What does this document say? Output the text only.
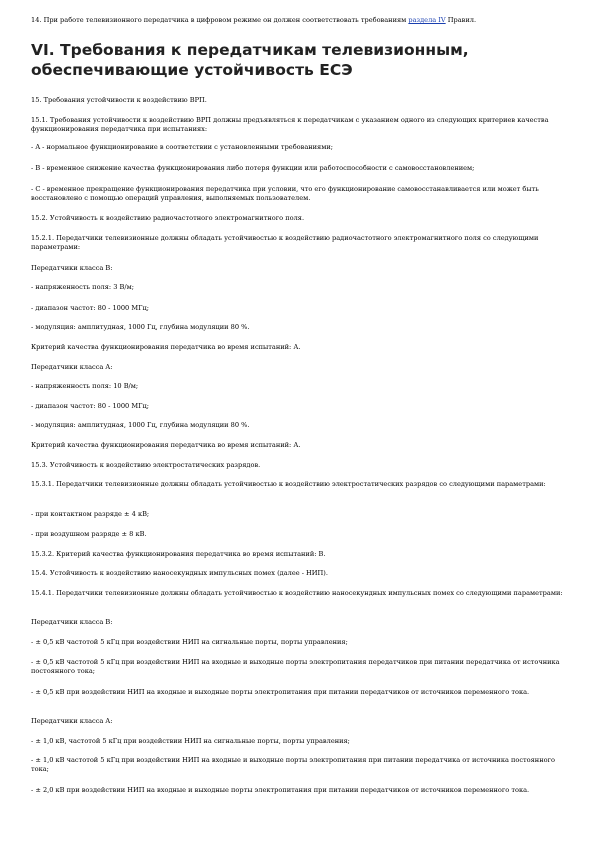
14. При работе телевизионного передатчика в цифровом режиме он должен соответствовать требованиям раздела IV Правил.

VI. Требования к передатчикам телевизионным,
обеспечивающие устойчивость ЕСЭ

15. Требования устойчивости к воздействию ВРП.

15.1. Требования устойчивости к воздействию ВРП должны предъявляться к передатчикам с указанием одного из следующих критериев качества функционирования передатчика при испытаниях:

- A - нормальное функционирование в соответствии с установленными требованиями;

- B - временное снижение качества функционирования либо потеря функции или работоспособности с самовосстановлением;

- C - временное прекращение функционирования передатчика при условии, что его функционирование самовосстанавливается или может быть восстановлено с помощью операций управления, выполняемых пользователем.

15.2. Устойчивость к воздействию радиочастотного электромагнитного поля.

15.2.1. Передатчики телевизионные должны обладать устойчивостью к воздействию радиочастотного электромагнитного поля со следующими параметрами:

Передатчики класса B:

- напряженность поля: 3 В/м;

- диапазон частот: 80 - 1000 МГц;

- модуляция: амплитудная, 1000 Гц, глубина модуляции 80 %.

Критерий качества функционирования передатчика во время испытаний: А.

Передатчики класса A:

- напряженность поля: 10 В/м;

- диапазон частот: 80 - 1000 МГц;

- модуляция: амплитудная, 1000 Гц, глубина модуляции 80 %.

Критерий качества функционирования передатчика во время испытаний: А.

15.3. Устойчивость к воздействию электростатических разрядов.

15.3.1. Передатчики телевизионные должны обладать устойчивостью к воздействию электростатических разрядов со следующими параметрами:

- при контактном разряде ± 4 кВ;

- при воздушном разряде ± 8 кВ.

15.3.2. Критерий качества функционирования передатчика во время испытаний: B.

15.4. Устойчивость к воздействию наносекундных импульсных помех (далее - НИП).

15.4.1. Передатчики телевизионные должны обладать устойчивостью к воздействию наносекундных импульсных помех со следующими параметрами:

Передатчики класса B:

- ± 0,5 кВ частотой 5 кГц при воздействии НИП на сигнальные порты, порты управления;

- ± 0,5 кВ частотой 5 кГц при воздействии НИП на входные и выходные порты электропитания передатчиков при питании передатчика от источника постоянного тока;

- ± 0,5 кВ при воздействии НИП на входные и выходные порты электропитания при питании передатчиков от источников переменного тока.

Передатчики класса A:

- ± 1,0 кВ, частотой 5 кГц при воздействии НИП на сигнальные порты, порты управления;

- ± 1,0 кВ частотой 5 кГц при воздействии НИП на входные и выходные порты электропитания при питании передатчика от источника постоянного тока;

- ± 2,0 кВ при воздействии НИП на входные и выходные порты электропитания при питании передатчиков от источников переменного тока.
